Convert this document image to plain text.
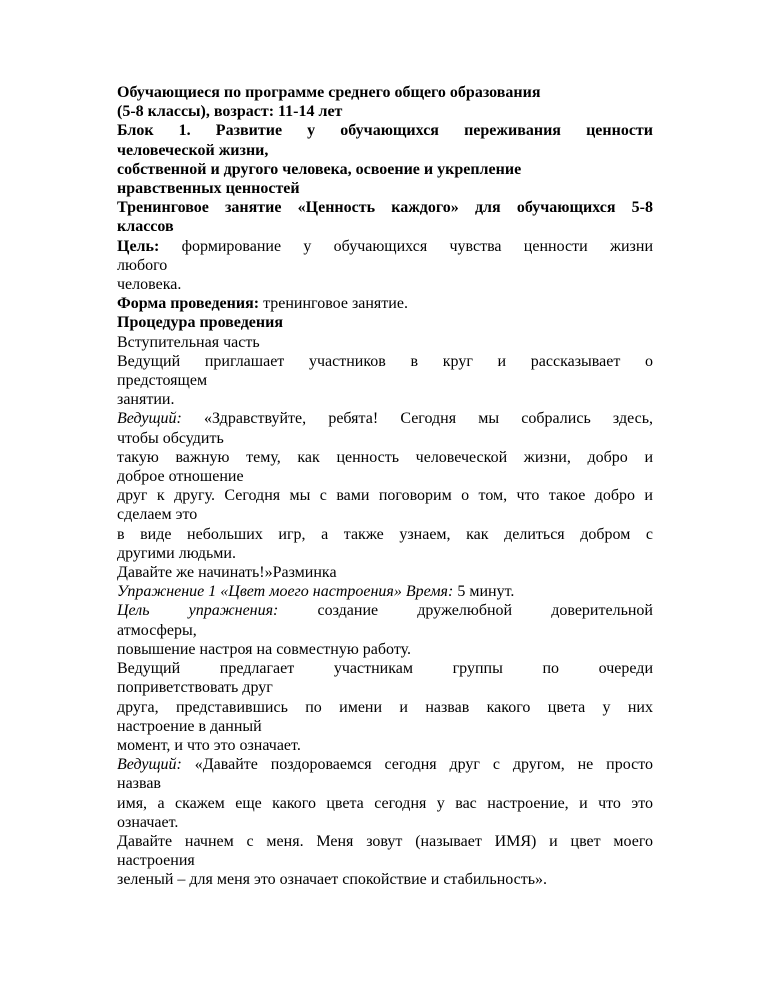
Обучающиеся по программе среднего общего образования
(5-8 классы), возраст: 11-14 лет
Блок 1. Развитие у обучающихся переживания ценности
человеческой жизни,
собственной и другого человека, освоение и укрепление
нравственных ценностей
Тренинговое занятие «Ценность каждого» для обучающихся 5-8
классов
Цель: формирование у обучающихся чувства ценности жизни
любого
человека.
Форма проведения: тренинговое занятие.
Процедура проведения
Вступительная часть
Ведущий приглашает участников в круг и рассказывает о
предстоящем
занятии.
Ведущий: «Здравствуйте, ребята! Сегодня мы собрались здесь,
чтобы обсудить
такую важную тему, как ценность человеческой жизни, добро и
доброе отношение
друг к другу. Сегодня мы с вами поговорим о том, что такое добро и
сделаем это
в виде небольших игр, а также узнаем, как делиться добром с
другими людьми.
Давайте же начинать!»Разминка
Упражнение 1 «Цвет моего настроения» Время: 5 минут.
Цель упражнения: создание дружелюбной доверительной
атмосферы,
повышение настроя на совместную работу.
Ведущий предлагает участникам группы по очереди
поприветствовать друг
друга, представившись по имени и назвав какого цвета у них
настроение в данный
момент, и что это означает.
Ведущий: «Давайте поздороваемся сегодня друг с другом, не просто
назвав
имя, а скажем еще какого цвета сегодня у вас настроение, и что это
означает.
Давайте начнем с меня. Меня зовут (называет ИМЯ) и цвет моего
настроения
зеленый – для меня это означает спокойствие и стабильность».
